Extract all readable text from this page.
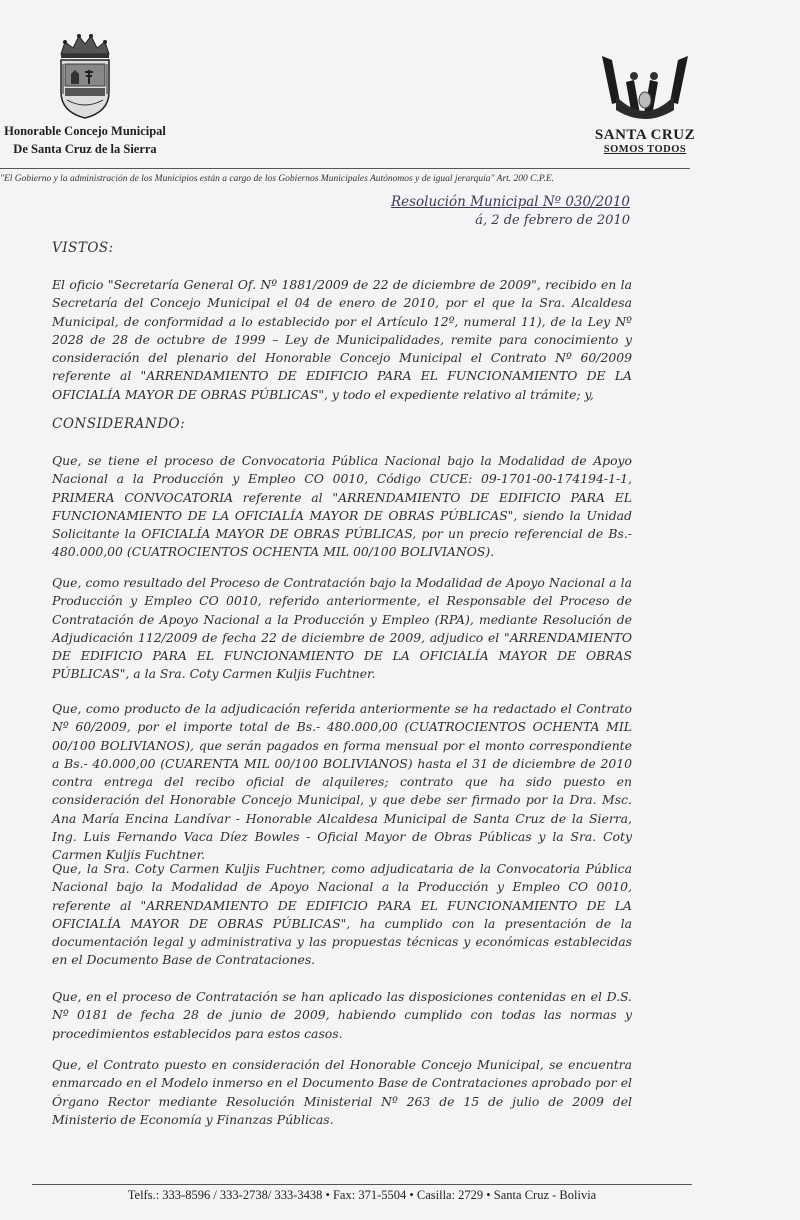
Honorable Concejo Municipal
De Santa Cruz de la Sierra
SANTA CRUZ
SOMOS TODOS
"El Gobierno y la administración de los Municipios están a cargo de los Gobiernos Municipales Autónomos y de igual jerarquía" Art. 200 C.P.E.
Resolución Municipal Nº 030/2010
á, 2 de febrero de 2010
VISTOS:

El oficio "Secretaría General Of. Nº 1881/2009 de 22 de diciembre de 2009", recibido en la Secretaría del Concejo Municipal el 04 de enero de 2010, por el que la Sra. Alcaldesa Municipal, de conformidad a lo establecido por el Artículo 12º, numeral 11), de la Ley Nº 2028 de 28 de octubre de 1999 – Ley de Municipalidades, remite para conocimiento y consideración del plenario del Honorable Concejo Municipal el Contrato Nº 60/2009 referente al "ARRENDAMIENTO DE EDIFICIO PARA EL FUNCIONAMIENTO DE LA OFICIALÍA MAYOR DE OBRAS PÚBLICAS", y todo el expediente relativo al trámite; y,

CONSIDERANDO:

Que, se tiene el proceso de Convocatoria Pública Nacional bajo la Modalidad de Apoyo Nacional a la Producción y Empleo CO 0010, Código CUCE: 09-1701-00-174194-1-1, PRIMERA CONVOCATORIA referente al "ARRENDAMIENTO DE EDIFICIO PARA EL FUNCIONAMIENTO DE LA OFICIALÍA MAYOR DE OBRAS PÚBLICAS", siendo la Unidad Solicitante la OFICIALÍA MAYOR DE OBRAS PÚBLICAS, por un precio referencial de Bs.- 480.000,00 (CUATROCIENTOS OCHENTA MIL 00/100 BOLIVIANOS).

Que, como resultado del Proceso de Contratación bajo la Modalidad de Apoyo Nacional a la Producción y Empleo CO 0010, referido anteriormente, el Responsable del Proceso de Contratación de Apoyo Nacional a la Producción y Empleo (RPA), mediante Resolución de Adjudicación 112/2009 de fecha 22 de diciembre de 2009, adjudico el "ARRENDAMIENTO DE EDIFICIO PARA EL FUNCIONAMIENTO DE LA OFICIALÍA MAYOR DE OBRAS PÚBLICAS", a la Sra. Coty Carmen Kuljis Fuchtner.

Que, como producto de la adjudicación referida anteriormente se ha redactado el Contrato Nº 60/2009, por el importe total de Bs.- 480.000,00 (CUATROCIENTOS OCHENTA MIL 00/100 BOLIVIANOS), que serán pagados en forma mensual por el monto correspondiente a Bs.- 40.000,00 (CUARENTA MIL 00/100 BOLIVIANOS) hasta el 31 de diciembre de 2010 contra entrega del recibo oficial de alquileres; contrato que ha sido puesto en consideración del Honorable Concejo Municipal, y que debe ser firmado por la Dra. Msc. Ana María Encina Landívar - Honorable Alcaldesa Municipal de Santa Cruz de la Sierra, Ing. Luis Fernando Vaca Díez Bowles - Oficial Mayor de Obras Públicas y la Sra. Coty Carmen Kuljis Fuchtner.

Que, la Sra. Coty Carmen Kuljis Fuchtner, como adjudicataria de la Convocatoria Pública Nacional bajo la Modalidad de Apoyo Nacional a la Producción y Empleo CO 0010, referente al "ARRENDAMIENTO DE EDIFICIO PARA EL FUNCIONAMIENTO DE LA OFICIALÍA MAYOR DE OBRAS PÚBLICAS", ha cumplido con la presentación de la documentación legal y administrativa y las propuestas técnicas y económicas establecidas en el Documento Base de Contrataciones.

Que, en el proceso de Contratación se han aplicado las disposiciones contenidas en el D.S. Nº 0181 de fecha 28 de junio de 2009, habiendo cumplido con todas las normas y procedimientos establecidos para estos casos.

Que, el Contrato puesto en consideración del Honorable Concejo Municipal, se encuentra enmarcado en el Modelo inmerso en el Documento Base de Contrataciones aprobado por el Órgano Rector mediante Resolución Ministerial Nº 263 de 15 de julio de 2009 del Ministerio de Economía y Finanzas Públicas.

Telfs.: 333-8596 / 333-2738/ 333-3438 • Fax: 371-5504 • Casilla: 2729 • Santa Cruz - Bolivia
